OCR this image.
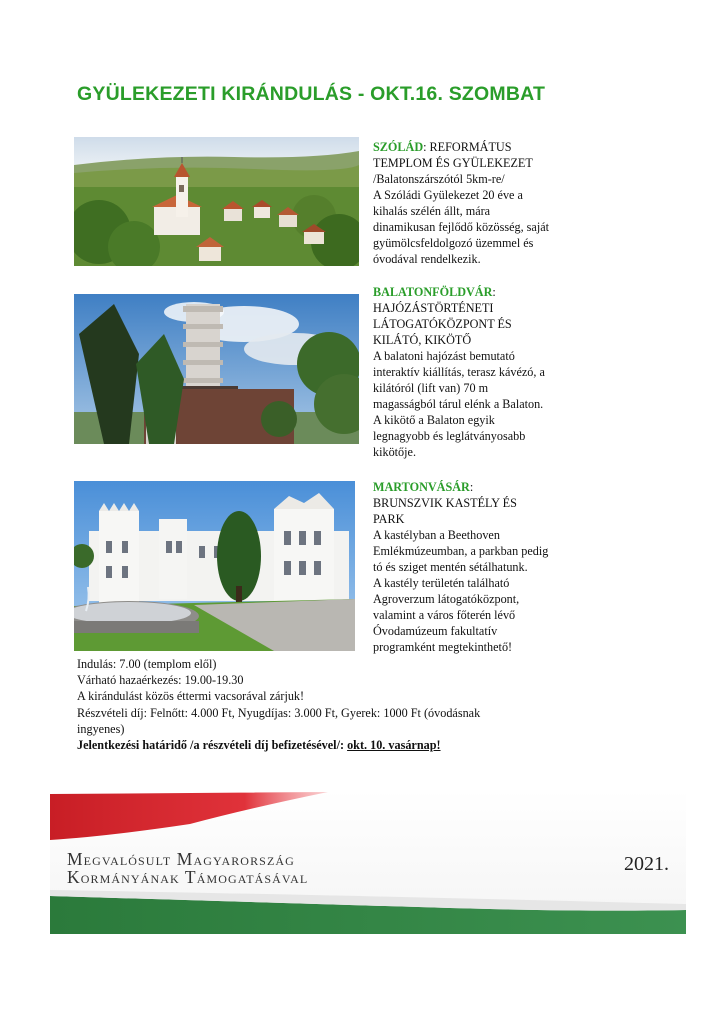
GYÜLEKEZETI KIRÁNDULÁS - OKT.16. SZOMBAT
SZÓLÁD: REFORMÁTUS
TEMPLOM ÉS GYÜLEKEZET
/Balatonszárszótól 5km-re/
A Szóládi Gyülekezet 20 éve a
kihalás szélén állt, mára
dinamikusan fejlődő közösség, saját
gyümölcsfeldolgozó üzemmel és
óvodával rendelkezik.
BALATONFÖLDVÁR:
HAJÓZÁSTÖRTÉNETI
LÁTOGATÓKÖZPONT ÉS
KILÁTÓ, KIKÖTŐ
A balatoni hajózást bemutató
interaktív kiállítás, terasz kávézó, a
kilátóról (lift van) 70 m
magasságból tárul elénk a Balaton.
A kikötő a Balaton egyik
legnagyobb és leglátványosabb
kikötője.
MARTONVÁSÁR:
BRUNSZVIK KASTÉLY ÉS
PARK
A kastélyban a Beethoven
Emlékmúzeumban, a parkban pedig
tó és sziget mentén sétálhatunk.
A kastély területén található
Agroverzum látogatóközpont,
valamint a város főterén lévő
Óvodamúzeum fakultatív
programként megtekinthető!
Indulás: 7.00 (templom elől)
Várható hazaérkezés: 19.00-19.30
A kirándulást közös éttermi vacsorával zárjuk!
Részvételi díj: Felnőtt: 4.000 Ft, Nyugdíjas: 3.000 Ft, Gyerek: 1000 Ft (óvodásnak
ingyenes)
Jelentkezési határidő /a részvételi díj befizetésével/: okt. 10. vasárnap!
Megvalósult Magyarország
Kormányának Támogatásával
2021.
